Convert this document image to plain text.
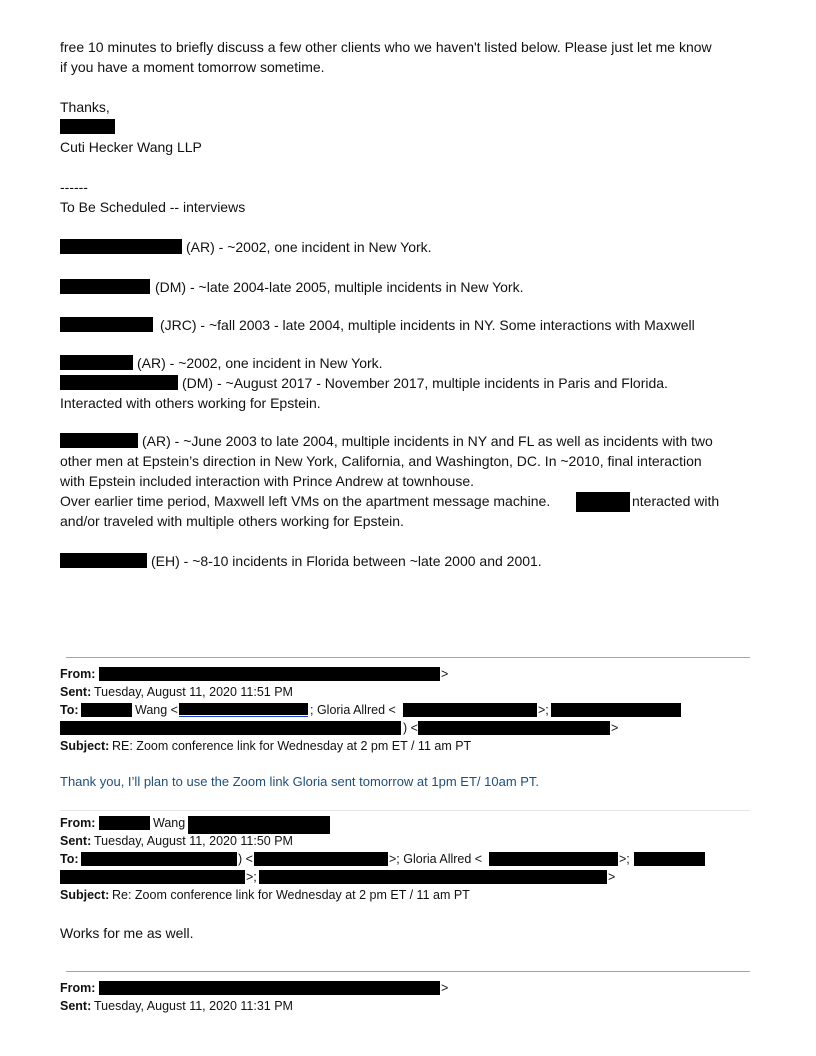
free 10 minutes to briefly discuss a few other clients who we haven't listed below. Please just let me know
if you have a moment tomorrow sometime.
Thanks,
Cuti Hecker Wang LLP
------
To Be Scheduled -- interviews
(AR) - ~2002, one incident in New York.
(DM) - ~late 2004-late 2005, multiple incidents in New York.
(JRC) - ~fall 2003 - late 2004, multiple incidents in NY. Some interactions with Maxwell
(AR) - ~2002, one incident in New York.
(DM) - ~August 2017 - November 2017, multiple incidents in Paris and Florida.
Interacted with others working for Epstein.
(AR) - ~June 2003 to late 2004, multiple incidents in NY and FL as well as incidents with two
other men at Epstein’s direction in New York, California, and Washington, DC. In ~2010, final interaction
with Epstein included interaction with Prince Andrew at townhouse.
Over earlier time period, Maxwell left VMs on the apartment message machine.	nteracted with
and/or traveled with multiple others working for Epstein.
(EH) - ~8-10 incidents in Florida between ~late 2000 and 2001.
From:	>
Sent: Tuesday, August 11, 2020 11:51 PM
To:	Wang <	; Gloria Allred <	>;
) <	>
Subject: RE: Zoom conference link for Wednesday at 2 pm ET / 11 am PT
Thank you, I’ll plan to use the Zoom link Gloria sent tomorrow at 1pm ET/ 10am PT.
From:	Wang
Sent: Tuesday, August 11, 2020 11:50 PM
To:	) <	>; Gloria Allred <	>;
>;	>
Subject: Re: Zoom conference link for Wednesday at 2 pm ET / 11 am PT
Works for me as well.
From:	>
Sent: Tuesday, August 11, 2020 11:31 PM
